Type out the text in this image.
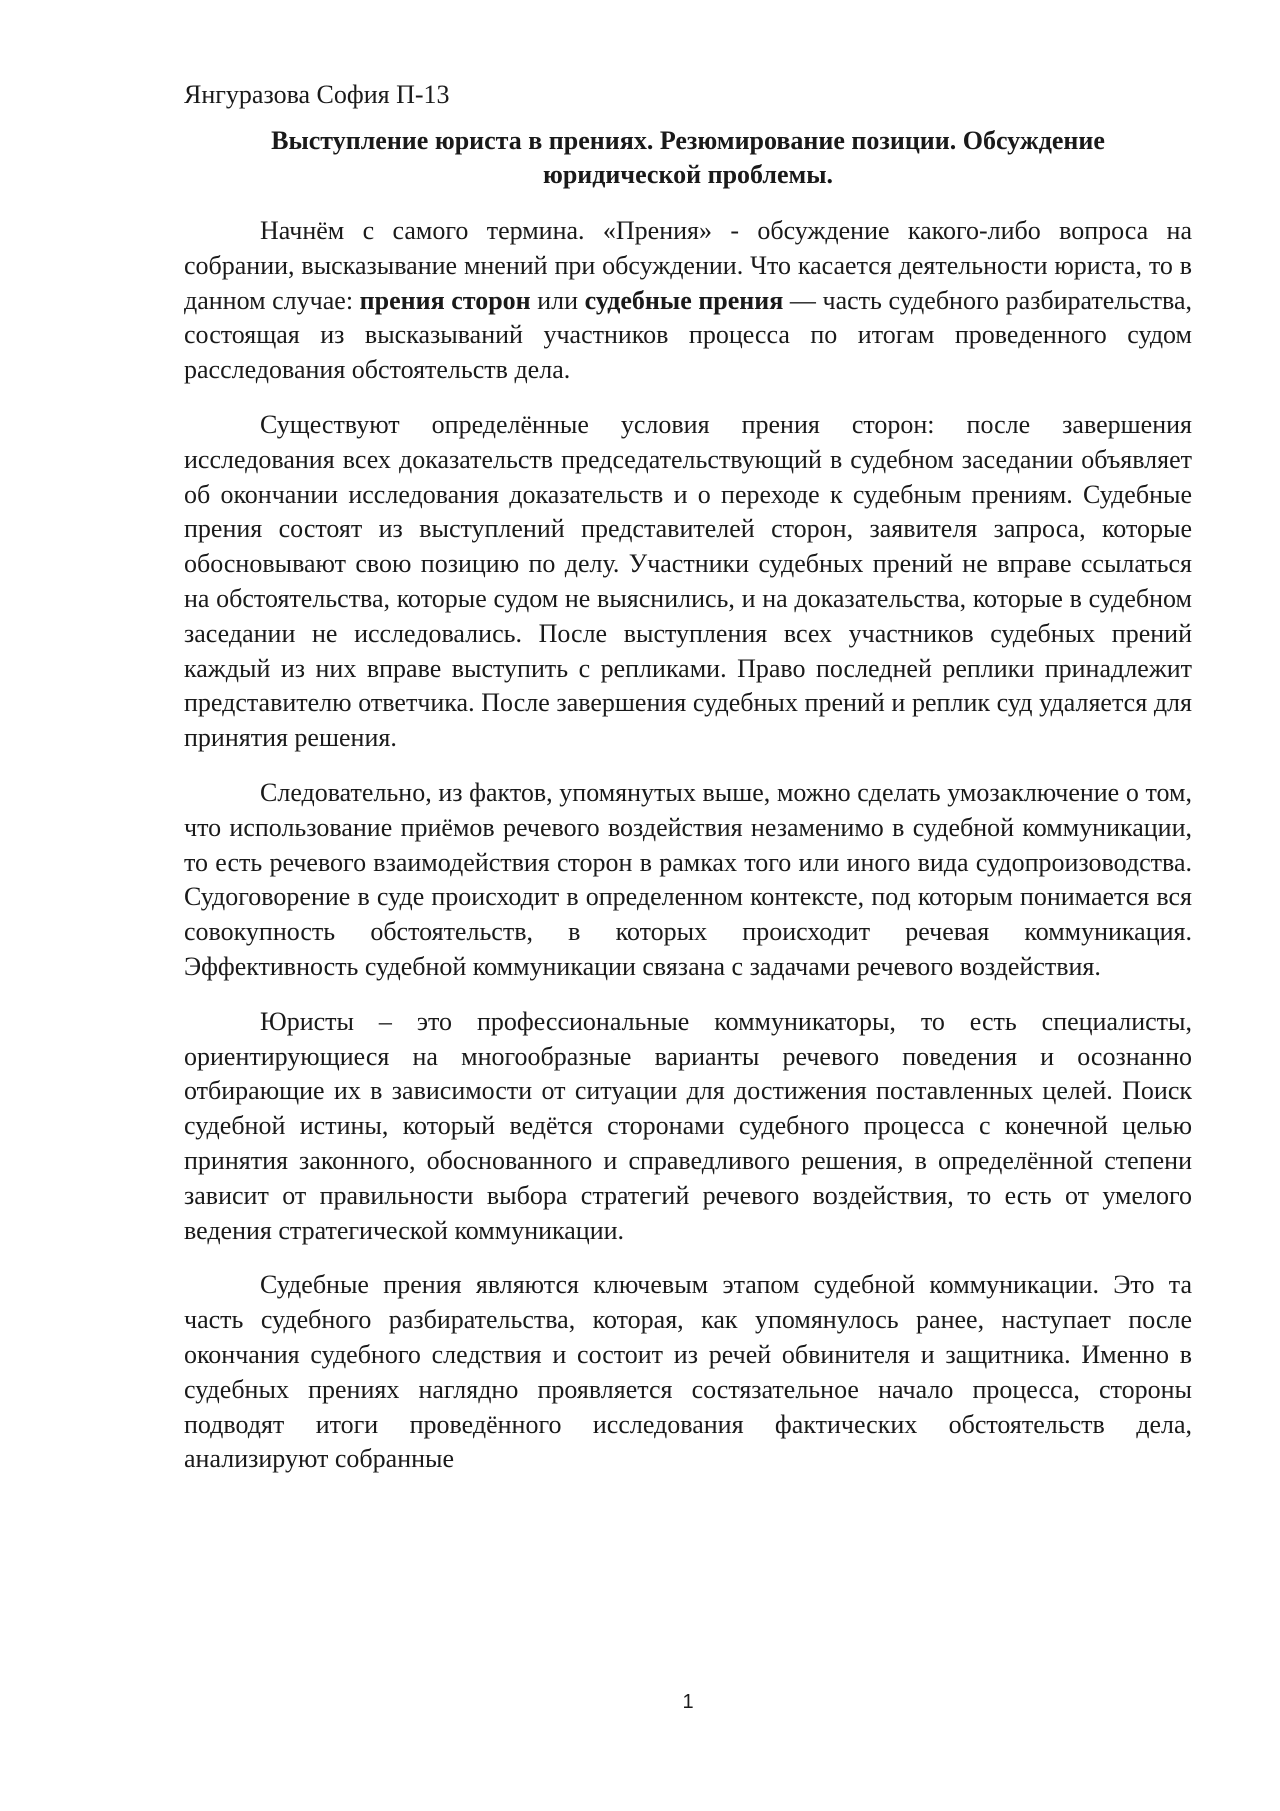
Янгуразова София П-13

Выступление юриста в прениях. Резюмирование позиции. Обсуждение
юридической проблемы.

Начнём с самого термина. «Прения» - обсуждение какого-либо вопроса на собрании, высказывание мнений при обсуждении. Что касается деятельности юриста, то в данном случае: прения сторон или судебные прения — часть судебного разбирательства, состоящая из высказываний участников процесса по итогам проведенного судом расследования обстоятельств дела.

Существуют определённые условия прения сторон: после завершения исследования всех доказательств председательствующий в судебном заседании объявляет об окончании исследования доказательств и о переходе к судебным прениям. Судебные прения состоят из выступлений представителей сторон, заявителя запроса, которые обосновывают свою позицию по делу. Участники судебных прений не вправе ссылаться на обстоятельства, которые судом не выяснились, и на доказательства, которые в судебном заседании не исследовались. После выступления всех участников судебных прений каждый из них вправе выступить с репликами. Право последней реплики принадлежит представителю ответчика. После завершения судебных прений и реплик суд удаляется для принятия решения.

Следовательно, из фактов, упомянутых выше, можно сделать умозаключение о том, что использование приёмов речевого воздействия незаменимо в судебной коммуникации, то есть речевого взаимодействия сторон в рамках того или иного вида судопроизоводства. Судоговорение в суде происходит в определенном контексте, под которым понимается вся совокупность обстоятельств, в которых происходит речевая коммуникация. Эффективность судебной коммуникации связана с задачами речевого воздействия.

Юристы – это профессиональные коммуникаторы, то есть специалисты, ориентирующиеся на многообразные варианты речевого поведения и осознанно отбирающие их в зависимости от ситуации для достижения поставленных целей. Поиск судебной истины, который ведётся сторонами судебного процесса с конечной целью принятия законного, обоснованного и справедливого решения, в определённой степени зависит от правильности выбора стратегий речевого воздействия, то есть от умелого ведения стратегической коммуникации.

Судебные прения являются ключевым этапом судебной коммуникации. Это та часть судебного разбирательства, которая, как упомянулось ранее, наступает после окончания судебного следствия и состоит из речей обвинителя и защитника. Именно в судебных прениях наглядно проявляется состязательное начало процесса, стороны подводят итоги проведённого исследования фактических обстоятельств дела, анализируют собранные

1
